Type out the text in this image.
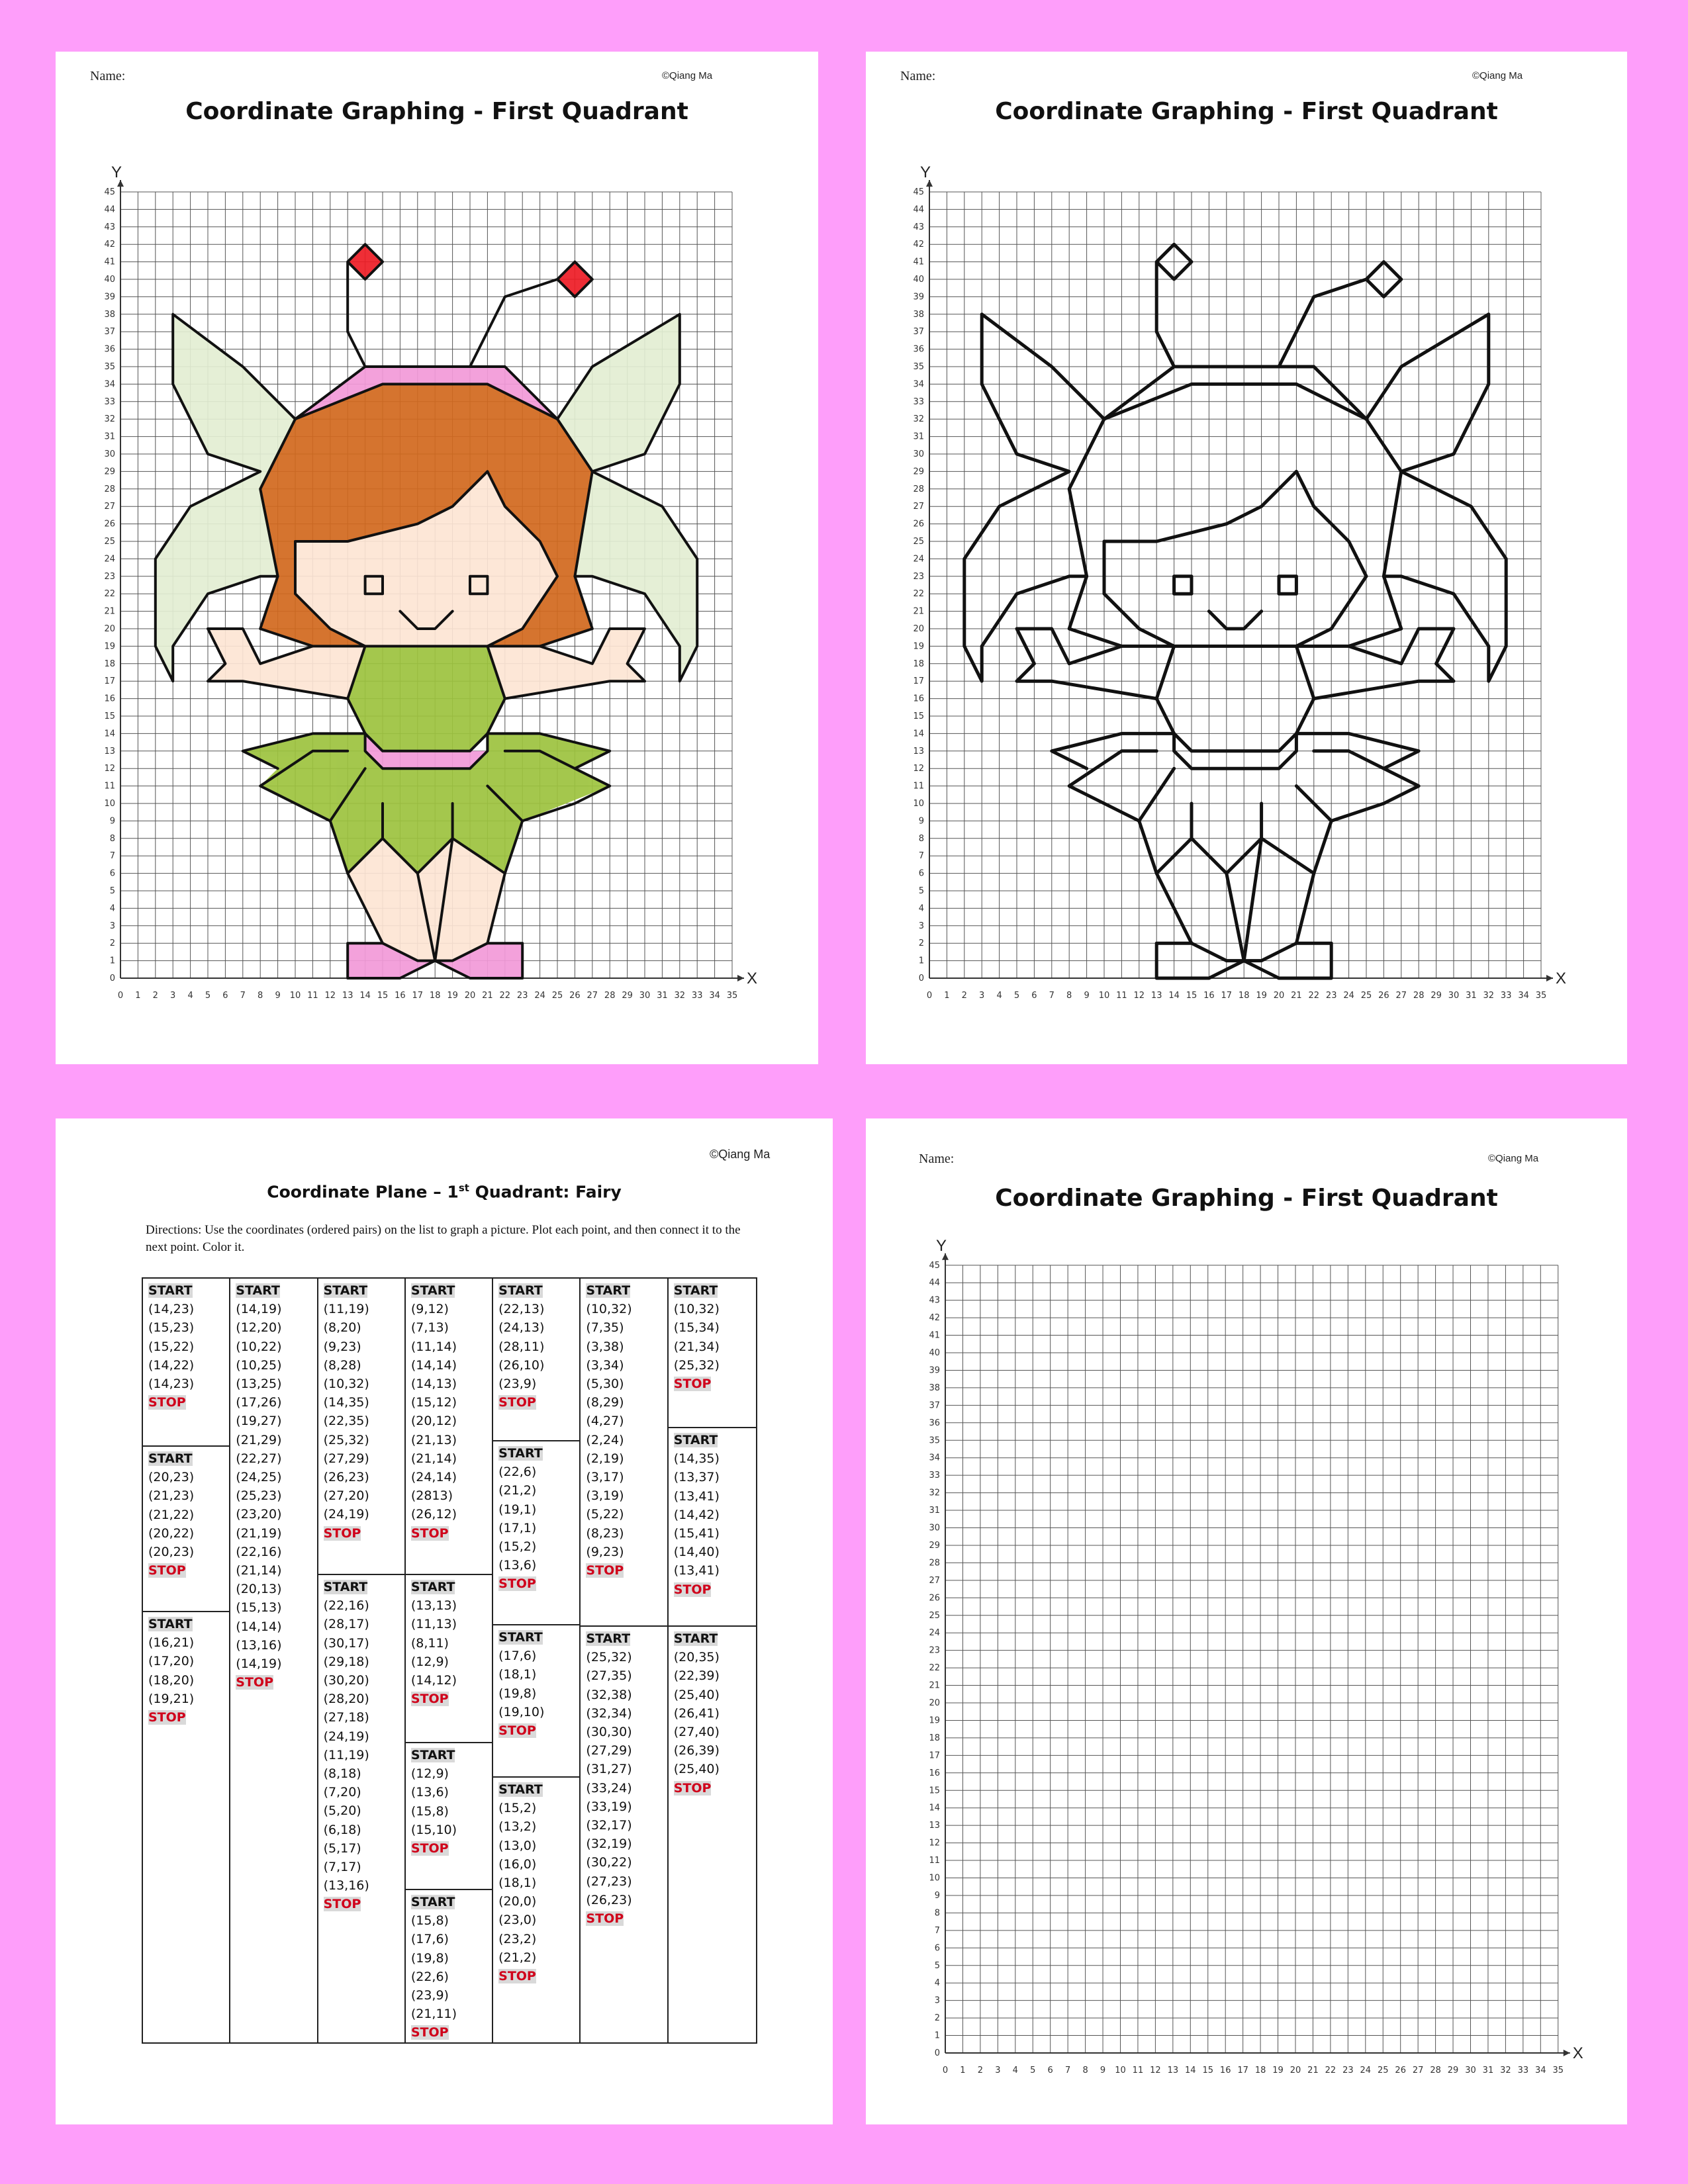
Name:	©Qiang Ma
Coordinate Graphing - First Quadrant
X
Y
0 1 2 3 4 5 6 7 8 9 10 11 12 13 14 15 16 17 18 19 20 21 22 23 24 25 26 27 28 29 30 31 32 33 34 35
0
1
2
3
4
5
6
7
8
9
10
11
12
13
14
15
16
17
18
19
20
21
22
23
24
25
26
27
28
29
30
31
32
33
34
35
36
37
38
39
40
41
42
43
44
45
Name:	©Qiang Ma
Coordinate Graphing - First Quadrant
X
Y
0 1 2 3 4 5 6 7 8 9 10 11 12 13 14 15 16 17 18 19 20 21 22 23 24 25 26 27 28 29 30 31 32 33 34 35
0
1
2
3
4
5
6
7
8
9
10
11
12
13
14
15
16
17
18
19
20
21
22
23
24
25
26
27
28
29
30
31
32
33
34
35
36
37
38
39
40
41
42
43
44
45
©Qiang Ma
Coordinate Plane – 1st Quadrant: Fairy
Directions: Use the coordinates (ordered pairs) on the list to graph a picture. Plot each point, and then connect it to the next point. Color it.
START
(14,23)
(15,23)
(15,22)
(14,22)
(14,23)
STOP
START
(20,23)
(21,23)
(21,22)
(20,22)
(20,23)
STOP
START
(16,21)
(17,20)
(18,20)
(19,21)
STOP
START
(14,19)
(12,20)
(10,22)
(10,25)
(13,25)
(17,26)
(19,27)
(21,29)
(22,27)
(24,25)
(25,23)
(23,20)
(21,19)
(22,16)
(21,14)
(20,13)
(15,13)
(14,14)
(13,16)
(14,19)
STOP
START
(11,19)
(8,20)
(9,23)
(8,28)
(10,32)
(14,35)
(22,35)
(25,32)
(27,29)
(26,23)
(27,20)
(24,19)
STOP
START
(22,16)
(28,17)
(30,17)
(29,18)
(30,20)
(28,20)
(27,18)
(24,19)
(11,19)
(8,18)
(7,20)
(5,20)
(6,18)
(5,17)
(7,17)
(13,16)
STOP
START
(9,12)
(7,13)
(11,14)
(14,14)
(14,13)
(15,12)
(20,12)
(21,13)
(21,14)
(24,14)
(2813)
(26,12)
STOP
START
(13,13)
(11,13)
(8,11)
(12,9)
(14,12)
STOP
START
(12,9)
(13,6)
(15,8)
(15,10)
STOP
START
(15,8)
(17,6)
(19,8)
(22,6)
(23,9)
(21,11)
STOP
START
(22,13)
(24,13)
(28,11)
(26,10)
(23,9)
STOP
START
(22,6)
(21,2)
(19,1)
(17,1)
(15,2)
(13,6)
STOP
START
(17,6)
(18,1)
(19,8)
(19,10)
STOP
START
(15,2)
(13,2)
(13,0)
(16,0)
(18,1)
(20,0)
(23,0)
(23,2)
(21,2)
STOP
START
(10,32)
(7,35)
(3,38)
(3,34)
(5,30)
(8,29)
(4,27)
(2,24)
(2,19)
(3,17)
(3,19)
(5,22)
(8,23)
(9,23)
STOP
START
(25,32)
(27,35)
(32,38)
(32,34)
(30,30)
(27,29)
(31,27)
(33,24)
(33,19)
(32,17)
(32,19)
(30,22)
(27,23)
(26,23)
STOP
START
(10,32)
(15,34)
(21,34)
(25,32)
STOP
START
(14,35)
(13,37)
(13,41)
(14,42)
(15,41)
(14,40)
(13,41)
STOP
START
(20,35)
(22,39)
(25,40)
(26,41)
(27,40)
(26,39)
(25,40)
STOP
Name:	©Qiang Ma
Coordinate Graphing - First Quadrant
X
Y
0 1 2 3 4 5 6 7 8 9 10 11 12 13 14 15 16 17 18 19 20 21 22 23 24 25 26 27 28 29 30 31 32 33 34 35
0
1
2
3
4
5
6
7
8
9
10
11
12
13
14
15
16
17
18
19
20
21
22
23
24
25
26
27
28
29
30
31
32
33
34
35
36
37
38
39
40
41
42
43
44
45
